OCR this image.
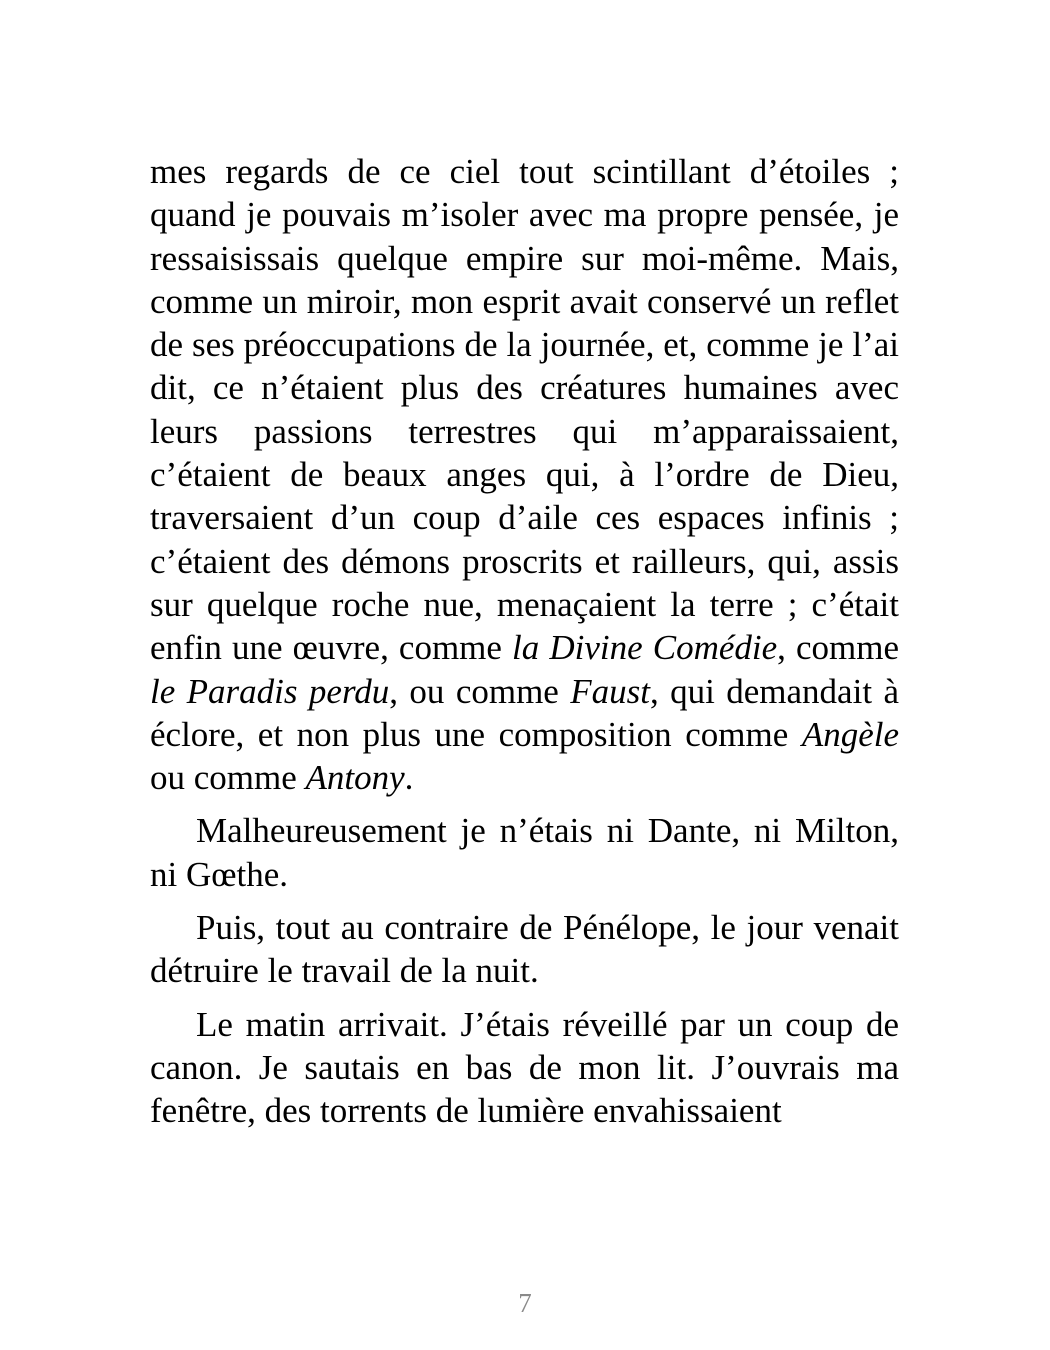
mes regards de ce ciel tout scintillant d’étoiles ; quand je pouvais m’isoler avec ma propre pensée, je ressaisissais quelque empire sur moi-même. Mais, comme un miroir, mon esprit avait conservé un reflet de ses préoccupations de la journée, et, comme je l’ai dit, ce n’étaient plus des créatures humaines avec leurs passions terrestres qui m’apparaissaient, c’étaient de beaux anges qui, à l’ordre de Dieu, traversaient d’un coup d’aile ces espaces infinis ; c’étaient des démons proscrits et railleurs, qui, assis sur quelque roche nue, menaçaient la terre ; c’était enfin une œuvre, comme la Divine Comédie, comme le Paradis perdu, ou comme Faust, qui demandait à éclore, et non plus une composition comme Angèle ou comme Antony.

Malheureusement je n’étais ni Dante, ni Milton, ni Gœthe.

Puis, tout au contraire de Pénélope, le jour venait détruire le travail de la nuit.

Le matin arrivait. J’étais réveillé par un coup de canon. Je sautais en bas de mon lit. J’ouvrais ma fenêtre, des torrents de lumière envahissaient

7
